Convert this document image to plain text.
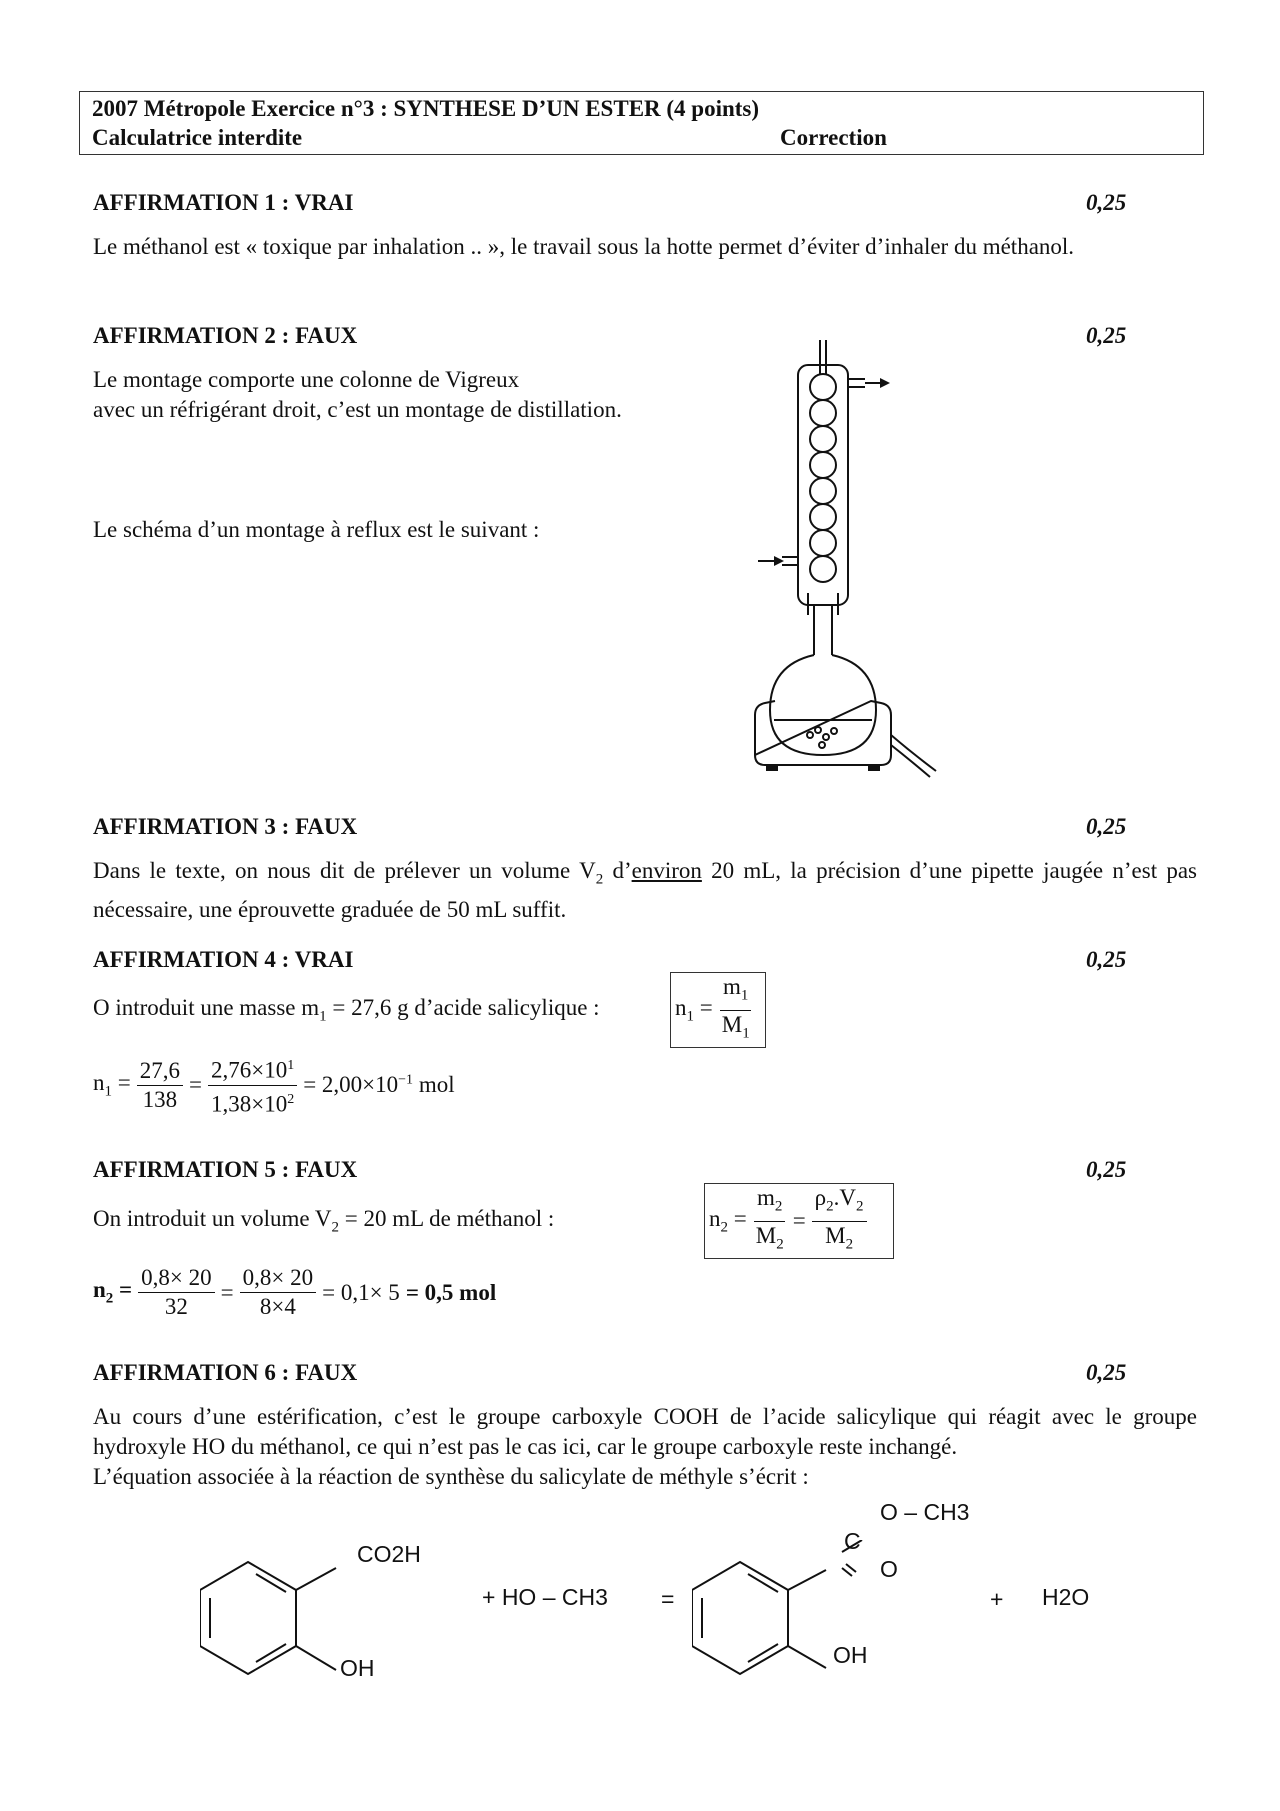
2007 Métropole Exercice n°3 : SYNTHESE D’UN ESTER (4 points)
Calculatrice interdite	Correction
AFFIRMATION 1 : VRAI	0,25
Le méthanol est « toxique par inhalation .. », le travail sous la hotte permet d’éviter d’inhaler du méthanol.
AFFIRMATION 2 : FAUX	0,25
Le montage comporte une colonne de Vigreux
avec un réfrigérant droit, c’est un montage de distillation.
Le schéma d’un montage à reflux est le suivant :
AFFIRMATION 3 : FAUX	0,25
Dans le texte, on nous dit de prélever un volume $V_2$ d’environ 20 mL, la précision d’une pipette jaugée n’est pas nécessaire, une éprouvette graduée de 50 mL suffit.
AFFIRMATION 4 : VRAI	0,25
O introduit une masse $m_1 = 27,6$ g d’acide salicylique :	$n_1 = \frac{m_1}{M_1}$
$n_1 = \frac{27,6}{138} = \frac{2,76\times 10^1}{1,38\times 10^2} = 2,00\times 10^{-1}$ mol
AFFIRMATION 5 : FAUX	0,25
On introduit un volume $V_2 = 20$ mL de méthanol :	$n_2 = \frac{m_2}{M_2} = \frac{\rho_2.V_2}{M_2}$
$n_2 = \frac{0,8\times 20}{32} = \frac{0,8\times 20}{8\times 4} = 0,1\times 5 = 0,5$ mol
AFFIRMATION 6 : FAUX	0,25
Au cours d’une estérification, c’est le groupe carboxyle COOH de l’acide salicylique qui réagit avec le groupe hydroxyle HO du méthanol, ce qui n’est pas le cas ici, car le groupe carboxyle reste inchangé.
L’équation associée à la réaction de synthèse du salicylate de méthyle s’écrit :
CO2H
OH
+ HO – CH3 =
O – CH3
C
O
OH
+ H2O
